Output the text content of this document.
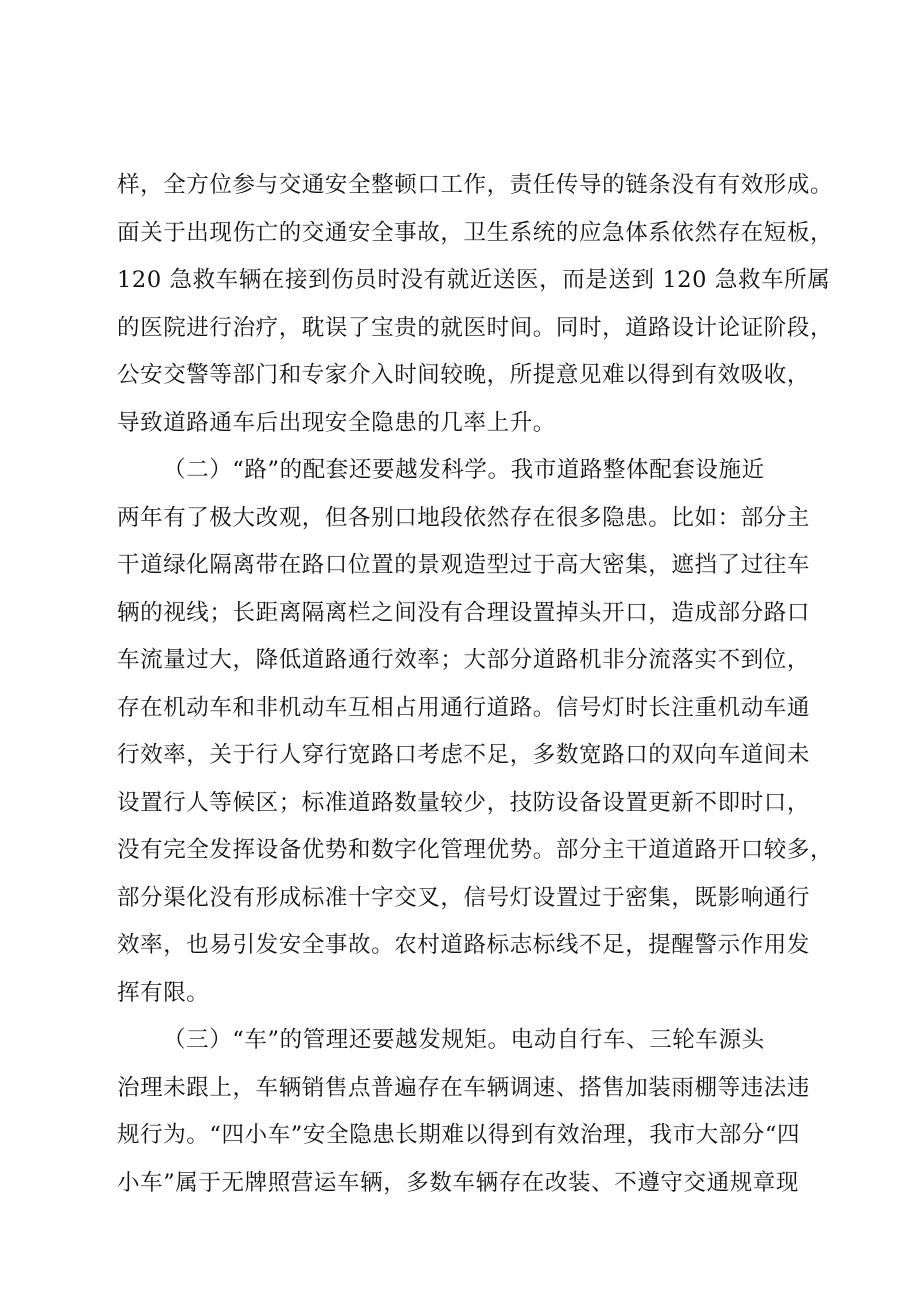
样，全方位参与交通安全整顿口工作，责任传导的链条没有有效形成。
面关于出现伤亡的交通安全事故，卫生系统的应急体系依然存在短板，
120 急救车辆在接到伤员时没有就近送医，而是送到 120 急救车所属
的医院进行治疗，耽误了宝贵的就医时间。同时，道路设计论证阶段，
公安交警等部门和专家介入时间较晚，所提意见难以得到有效吸收，
导致道路通车后出现安全隐患的几率上升。
（二）“路”的配套还要越发科学。我市道路整体配套设施近
两年有了极大改观，但各别口地段依然存在很多隐患。比如：部分主
干道绿化隔离带在路口位置的景观造型过于高大密集，遮挡了过往车
辆的视线；长距离隔离栏之间没有合理设置掉头开口，造成部分路口
车流量过大，降低道路通行效率；大部分道路机非分流落实不到位，
存在机动车和非机动车互相占用通行道路。信号灯时长注重机动车通
行效率，关于行人穿行宽路口考虑不足，多数宽路口的双向车道间未
设置行人等候区；标准道路数量较少，技防设备设置更新不即时口，
没有完全发挥设备优势和数字化管理优势。部分主干道道路开口较多，
部分渠化没有形成标准十字交叉，信号灯设置过于密集，既影响通行
效率，也易引发安全事故。农村道路标志标线不足，提醒警示作用发
挥有限。
（三）“车”的管理还要越发规矩。电动自行车、三轮车源头
治理未跟上，车辆销售点普遍存在车辆调速、搭售加装雨棚等违法违
规行为。“四小车”安全隐患长期难以得到有效治理，我市大部分“四
小车”属于无牌照营运车辆，多数车辆存在改装、不遵守交通规章现
